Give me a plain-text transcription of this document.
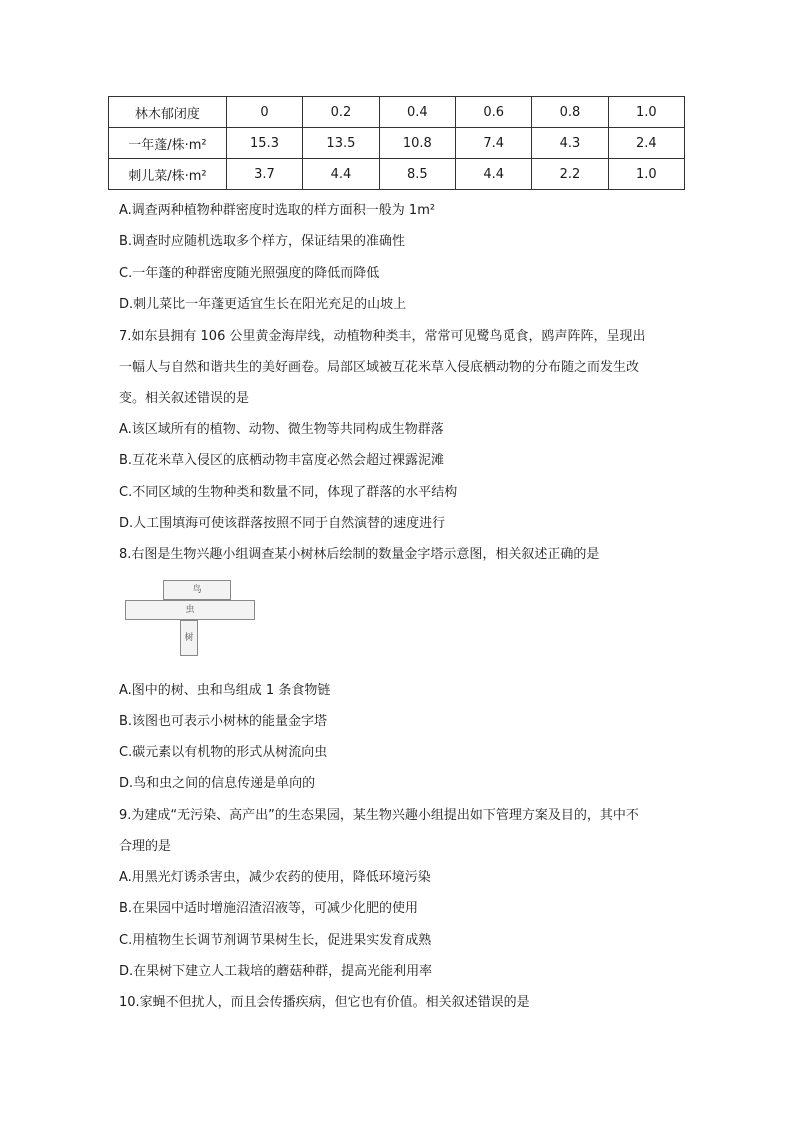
林木郁闭度	0	0.2	0.4	0.6	0.8	1.0
一年蓬/株·m²	15.3	13.5	10.8	7.4	4.3	2.4
刺儿菜/株·m²	3.7	4.4	8.5	4.4	2.2	1.0
A.调查两种植物种群密度时选取的样方面积一般为 1m²
B.调查时应随机选取多个样方，保证结果的准确性
C.一年蓬的种群密度随光照强度的降低而降低
D.刺儿菜比一年蓬更适宜生长在阳光充足的山坡上
7.如东县拥有 106 公里黄金海岸线，动植物种类丰，常常可见鹭鸟觅食，鸥声阵阵，呈现出
一幅人与自然和谐共生的美好画卷。局部区域被互花米草入侵底栖动物的分布随之而发生改
变。相关叙述错误的是
A.该区域所有的植物、动物、微生物等共同构成生物群落
B.互花米草入侵区的底栖动物丰富度必然会超过裸露泥滩
C.不同区域的生物种类和数量不同，体现了群落的水平结构
D.人工围填海可使该群落按照不同于自然演替的速度进行
8.右图是生物兴趣小组调查某小树林后绘制的数量金字塔示意图，相关叙述正确的是
鸟
虫
树
A.图中的树、虫和鸟组成 1 条食物链
B.该图也可表示小树林的能量金字塔
C.碳元素以有机物的形式从树流向虫
D.鸟和虫之间的信息传递是单向的
9.为建成“无污染、高产出”的生态果园，某生物兴趣小组提出如下管理方案及目的，其中不
合理的是
A.用黑光灯诱杀害虫，减少农药的使用，降低环境污染
B.在果园中适时增施沼渣沼液等，可减少化肥的使用
C.用植物生长调节剂调节果树生长，促进果实发育成熟
D.在果树下建立人工栽培的蘑菇种群，提高光能利用率
10.家蝇不但扰人，而且会传播疾病，但它也有价值。相关叙述错误的是
